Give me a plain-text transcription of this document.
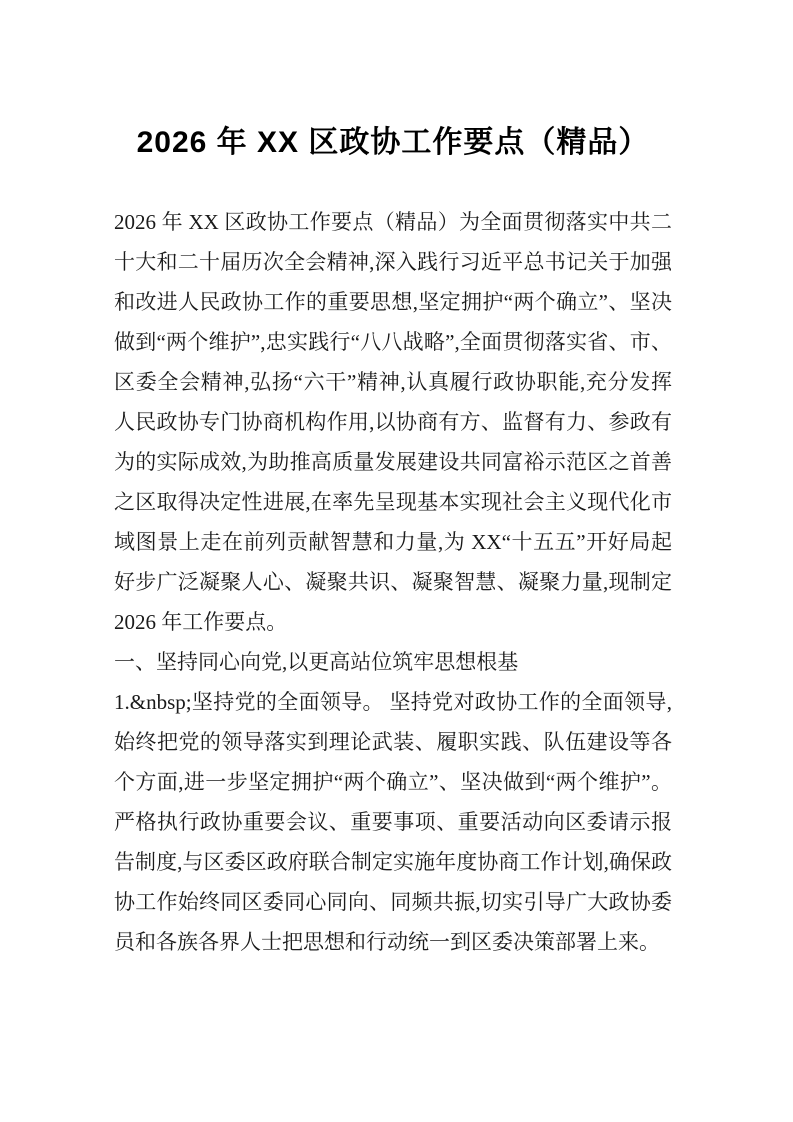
2026 年 XX 区政协工作要点（精品）

2026 年 XX 区政协工作要点（精品）为全面贯彻落实中共二十大和二十届历次全会精神,深入践行习近平总书记关于加强和改进人民政协工作的重要思想,坚定拥护“两个确立”、坚决做到“两个维护”,忠实践行“八八战略”,全面贯彻落实省、市、区委全会精神,弘扬“六干”精神,认真履行政协职能,充分发挥人民政协专门协商机构作用,以协商有方、监督有力、参政有为的实际成效,为助推高质量发展建设共同富裕示范区之首善之区取得决定性进展,在率先呈现基本实现社会主义现代化市域图景上走在前列贡献智慧和力量,为 XX“十五五”开好局起好步广泛凝聚人心、凝聚共识、凝聚智慧、凝聚力量,现制定 2026 年工作要点。

一、坚持同心向党,以更高站位筑牢思想根基

1.&nbsp;坚持党的全面领导。 坚持党对政协工作的全面领导,始终把党的领导落实到理论武装、履职实践、队伍建设等各个方面,进一步坚定拥护“两个确立”、坚决做到“两个维护”。严格执行政协重要会议、重要事项、重要活动向区委请示报告制度,与区委区政府联合制定实施年度协商工作计划,确保政协工作始终同区委同心同向、同频共振,切实引导广大政协委员和各族各界人士把思想和行动统一到区委决策部署上来。
